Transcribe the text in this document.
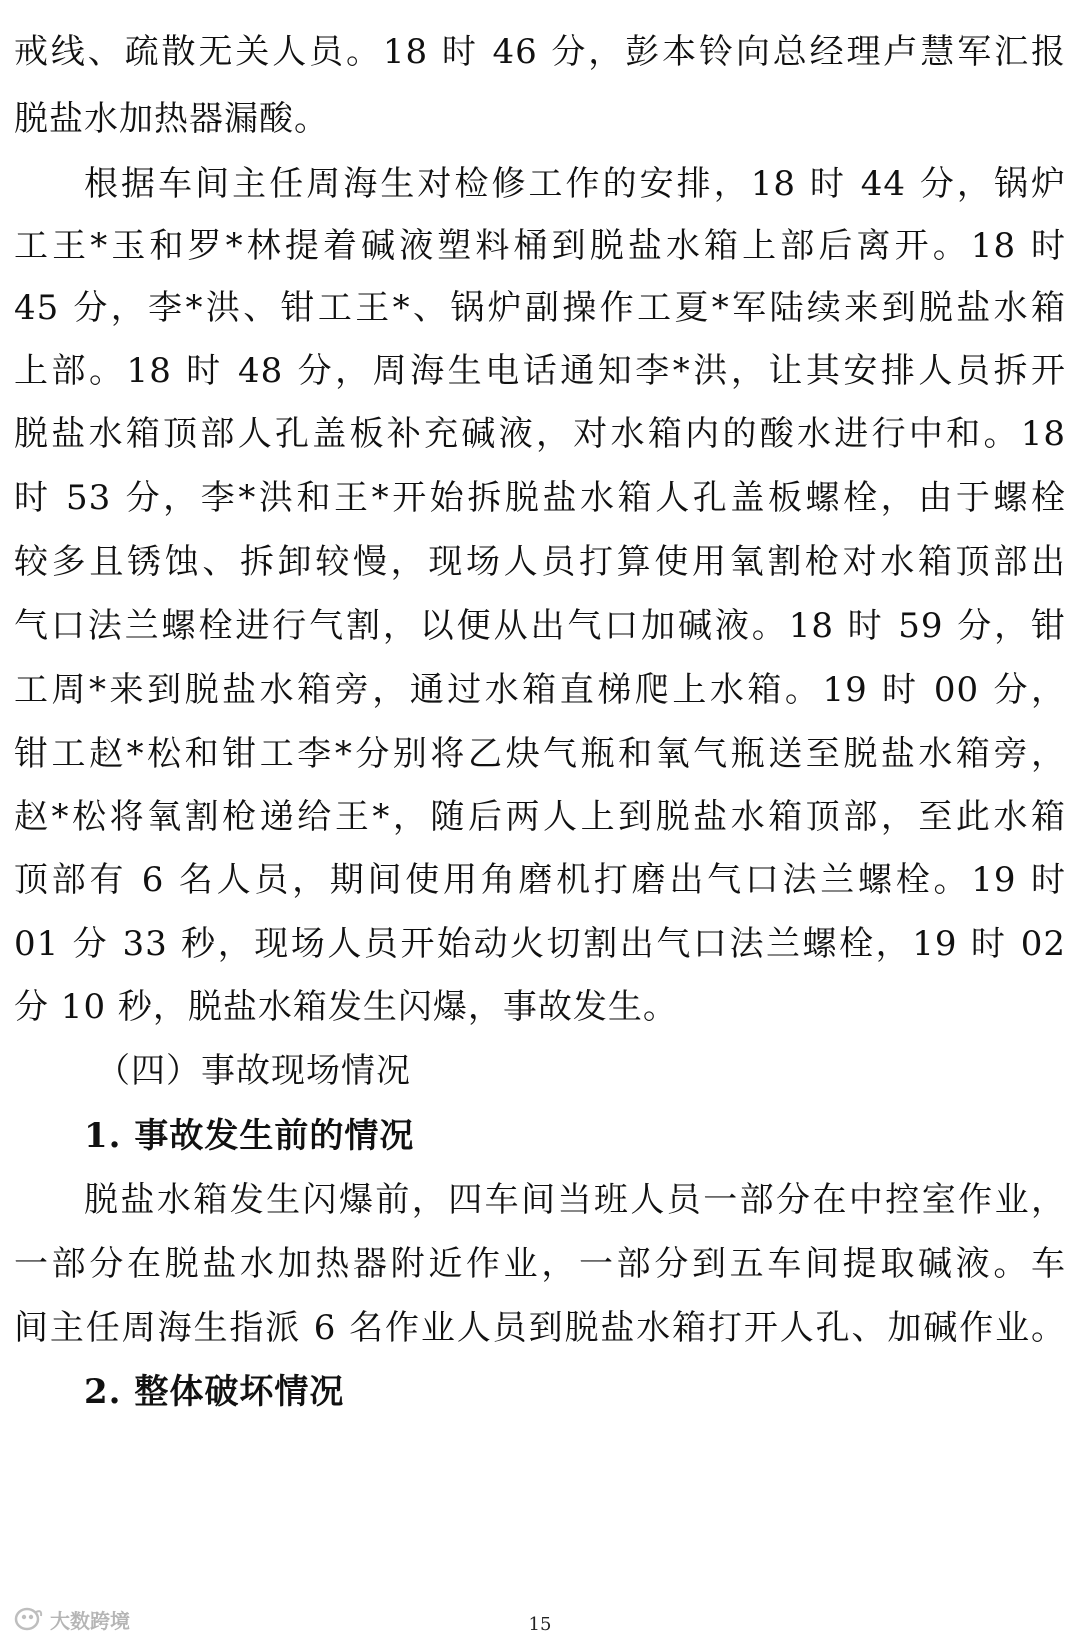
戒线、疏散无关人员。18 时 46 分，彭本铃向总经理卢慧军汇报
脱盐水加热器漏酸。
根据车间主任周海生对检修工作的安排，18 时 44 分，锅炉
工王*玉和罗*林提着碱液塑料桶到脱盐水箱上部后离开。18 时
45 分，李*洪、钳工王*、锅炉副操作工夏*军陆续来到脱盐水箱
上部。18 时 48 分，周海生电话通知李*洪，让其安排人员拆开
脱盐水箱顶部人孔盖板补充碱液，对水箱内的酸水进行中和。18
时 53 分，李*洪和王*开始拆脱盐水箱人孔盖板螺栓，由于螺栓
较多且锈蚀、拆卸较慢，现场人员打算使用氧割枪对水箱顶部出
气口法兰螺栓进行气割，以便从出气口加碱液。18 时 59 分，钳
工周*来到脱盐水箱旁，通过水箱直梯爬上水箱。19 时 00 分，
钳工赵*松和钳工李*分别将乙炔气瓶和氧气瓶送至脱盐水箱旁，
赵*松将氧割枪递给王*，随后两人上到脱盐水箱顶部，至此水箱
顶部有 6 名人员，期间使用角磨机打磨出气口法兰螺栓。19 时
01 分 33 秒，现场人员开始动火切割出气口法兰螺栓，19 时 02
分 10 秒，脱盐水箱发生闪爆，事故发生。
（四）事故现场情况
1. 事故发生前的情况
脱盐水箱发生闪爆前，四车间当班人员一部分在中控室作业，
一部分在脱盐水加热器附近作业，一部分到五车间提取碱液。车
间主任周海生指派 6 名作业人员到脱盐水箱打开人孔、加碱作业。
2. 整体破坏情况
15
大数跨境
